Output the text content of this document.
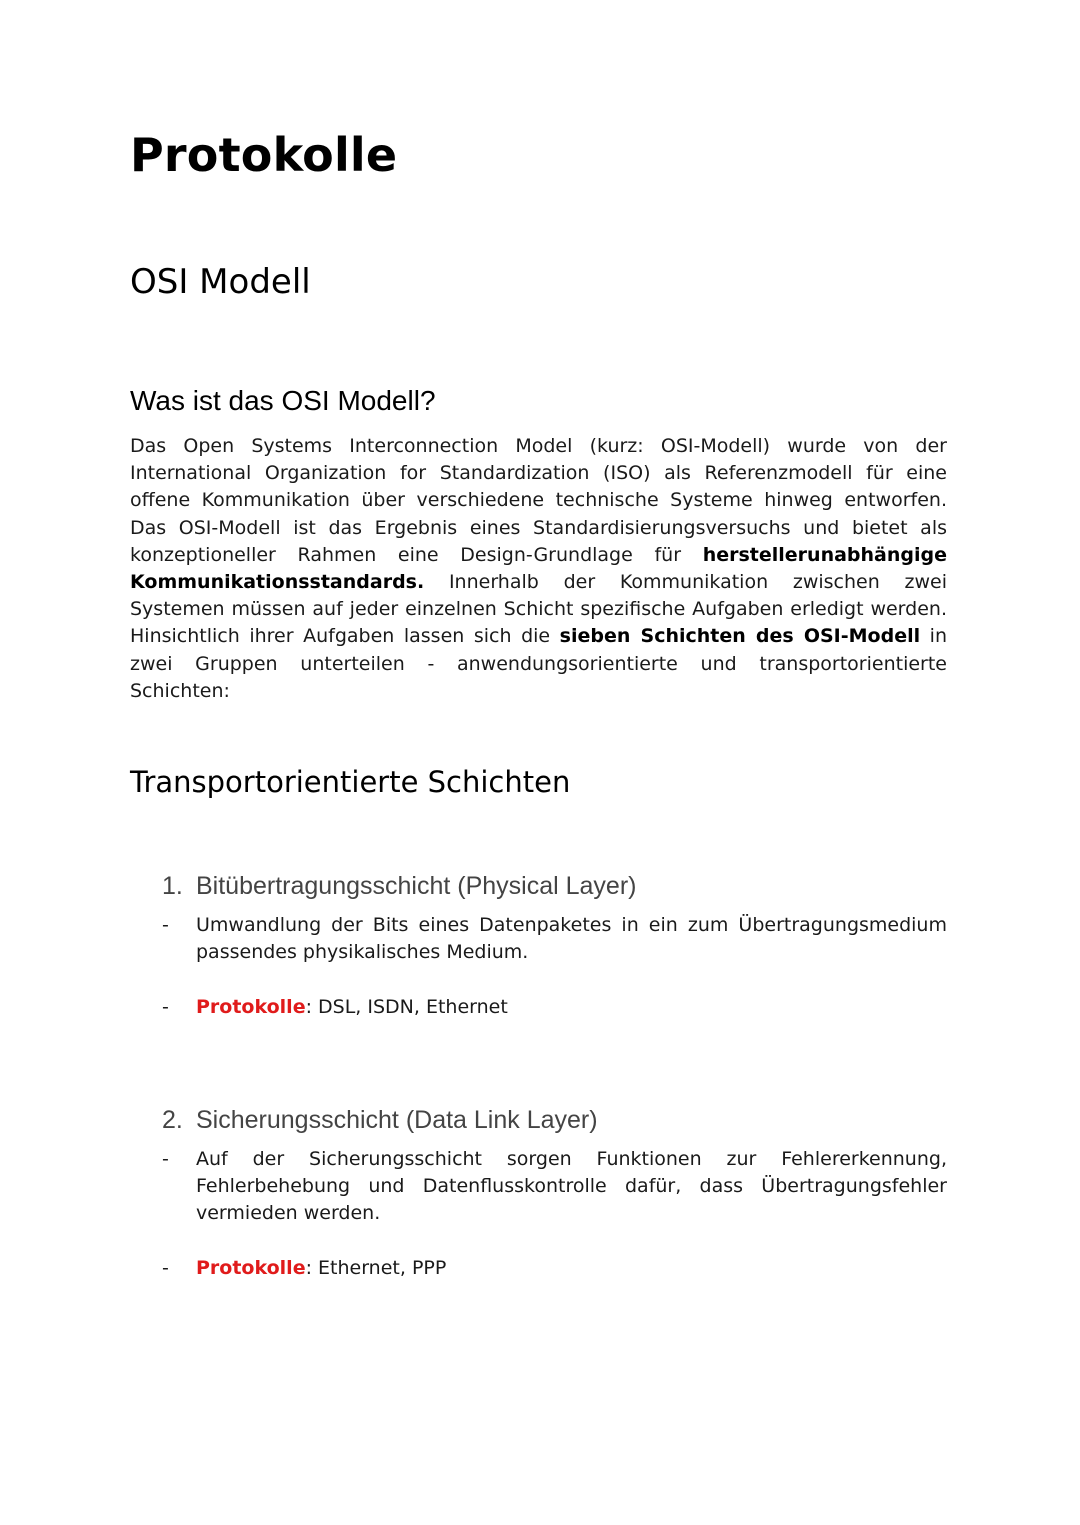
Protokolle
OSI Modell
Was ist das OSI Modell?

Das Open Systems Interconnection Model (kurz: OSI-Modell) wurde von der International Organization for Standardization (ISO) als Referenzmodell für eine offene Kommunikation über verschiedene technische Systeme hinweg entworfen. Das OSI-Modell ist das Ergebnis eines Standardisierungsversuchs und bietet als konzeptioneller Rahmen eine Design-Grundlage für herstellerunabhängige Kommunikationsstandards. Innerhalb der Kommunikation zwischen zwei Systemen müssen auf jeder einzelnen Schicht spezifische Aufgaben erledigt werden. Hinsichtlich ihrer Aufgaben lassen sich die sieben Schichten des OSI-Modell in zwei Gruppen unterteilen - anwendungsorientierte und transportorientierte Schichten:

Transportorientierte Schichten
1. Bitübertragungsschicht (Physical Layer)
- Umwandlung der Bits eines Datenpaketes in ein zum Übertragungsmedium passendes physikalisches Medium.
- Protokolle: DSL, ISDN, Ethernet
2. Sicherungsschicht (Data Link Layer)
- Auf der Sicherungsschicht sorgen Funktionen zur Fehlererkennung, Fehlerbehebung und Datenflusskontrolle dafür, dass Übertragungsfehler vermieden werden.
- Protokolle: Ethernet, PPP
